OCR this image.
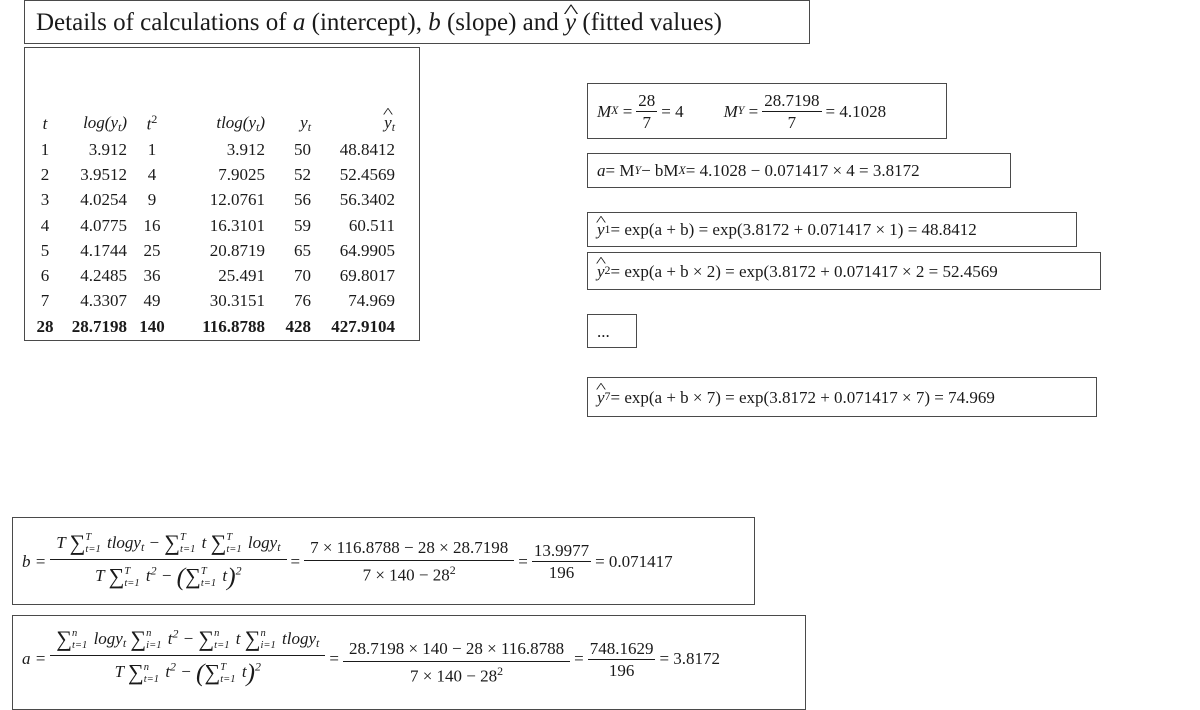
Details of calculations of a (intercept), b (slope) and ^ y (fitted values)
t	$\log(y_t)$	$t^2$	$tlog(y_t)$	$y_t$	^ $y_t$
1	3.912	1	3.912	50	48.8412
2	3.9512	4	7.9025	52	52.4569
3	4.0254	9	12.0761	56	56.3402
4	4.0775	16	16.3101	59	60.511
5	4.1744	25	20.8719	65	64.9905
6	4.2485	36	25.491	70	69.8017
7	4.3307	49	30.3151	76	74.969
28	28.7198	140	116.8788	428	427.9104
M $X = \frac{28}{7} = 4$ M $Y = \frac{28.7198}{7} = 4.1028$
a = M Y − bM X = 4.1028 − 0.071417 × 4 = 3.8172
^ y 1 = exp(a + b) = exp(3.8172 + 0.071417 × 1) = 48.8412
^ y 2 = exp(a + b × 2) = exp(3.8172 + 0.071417 × 2 = 52.4569
...
^ y 7 = exp(a + b × 7) = exp(3.8172 + 0.071417 × 7) = 74.969
b = T ∑ T
t=1 tlogy$_t$ − ∑ T
t=1 t ∑ T
t=1 logy$_t$
T ∑ T
t=1 $t^2$ − (∑ T
t=1 $t)^2 = \frac{7 \times 116.8788 - 28 \times 28.7198}{7 \times 140 - 28^2} = \frac{13.9977}{196} = 0.071417$
a = ∑ n
t=1 logy$_t$ ∑ n
i=1 $t^2$ − ∑ n
t=1 t ∑ n
i=1 tlogy$_t$
T ∑ n
t=1 $t^2$ − (∑ T
t=1 $t)^2 = \frac{28.7198 \times 140 - 28 \times 116.8788}{7 \times 140 - 28^2} = \frac{748.1629}{196} = 3.8172$
